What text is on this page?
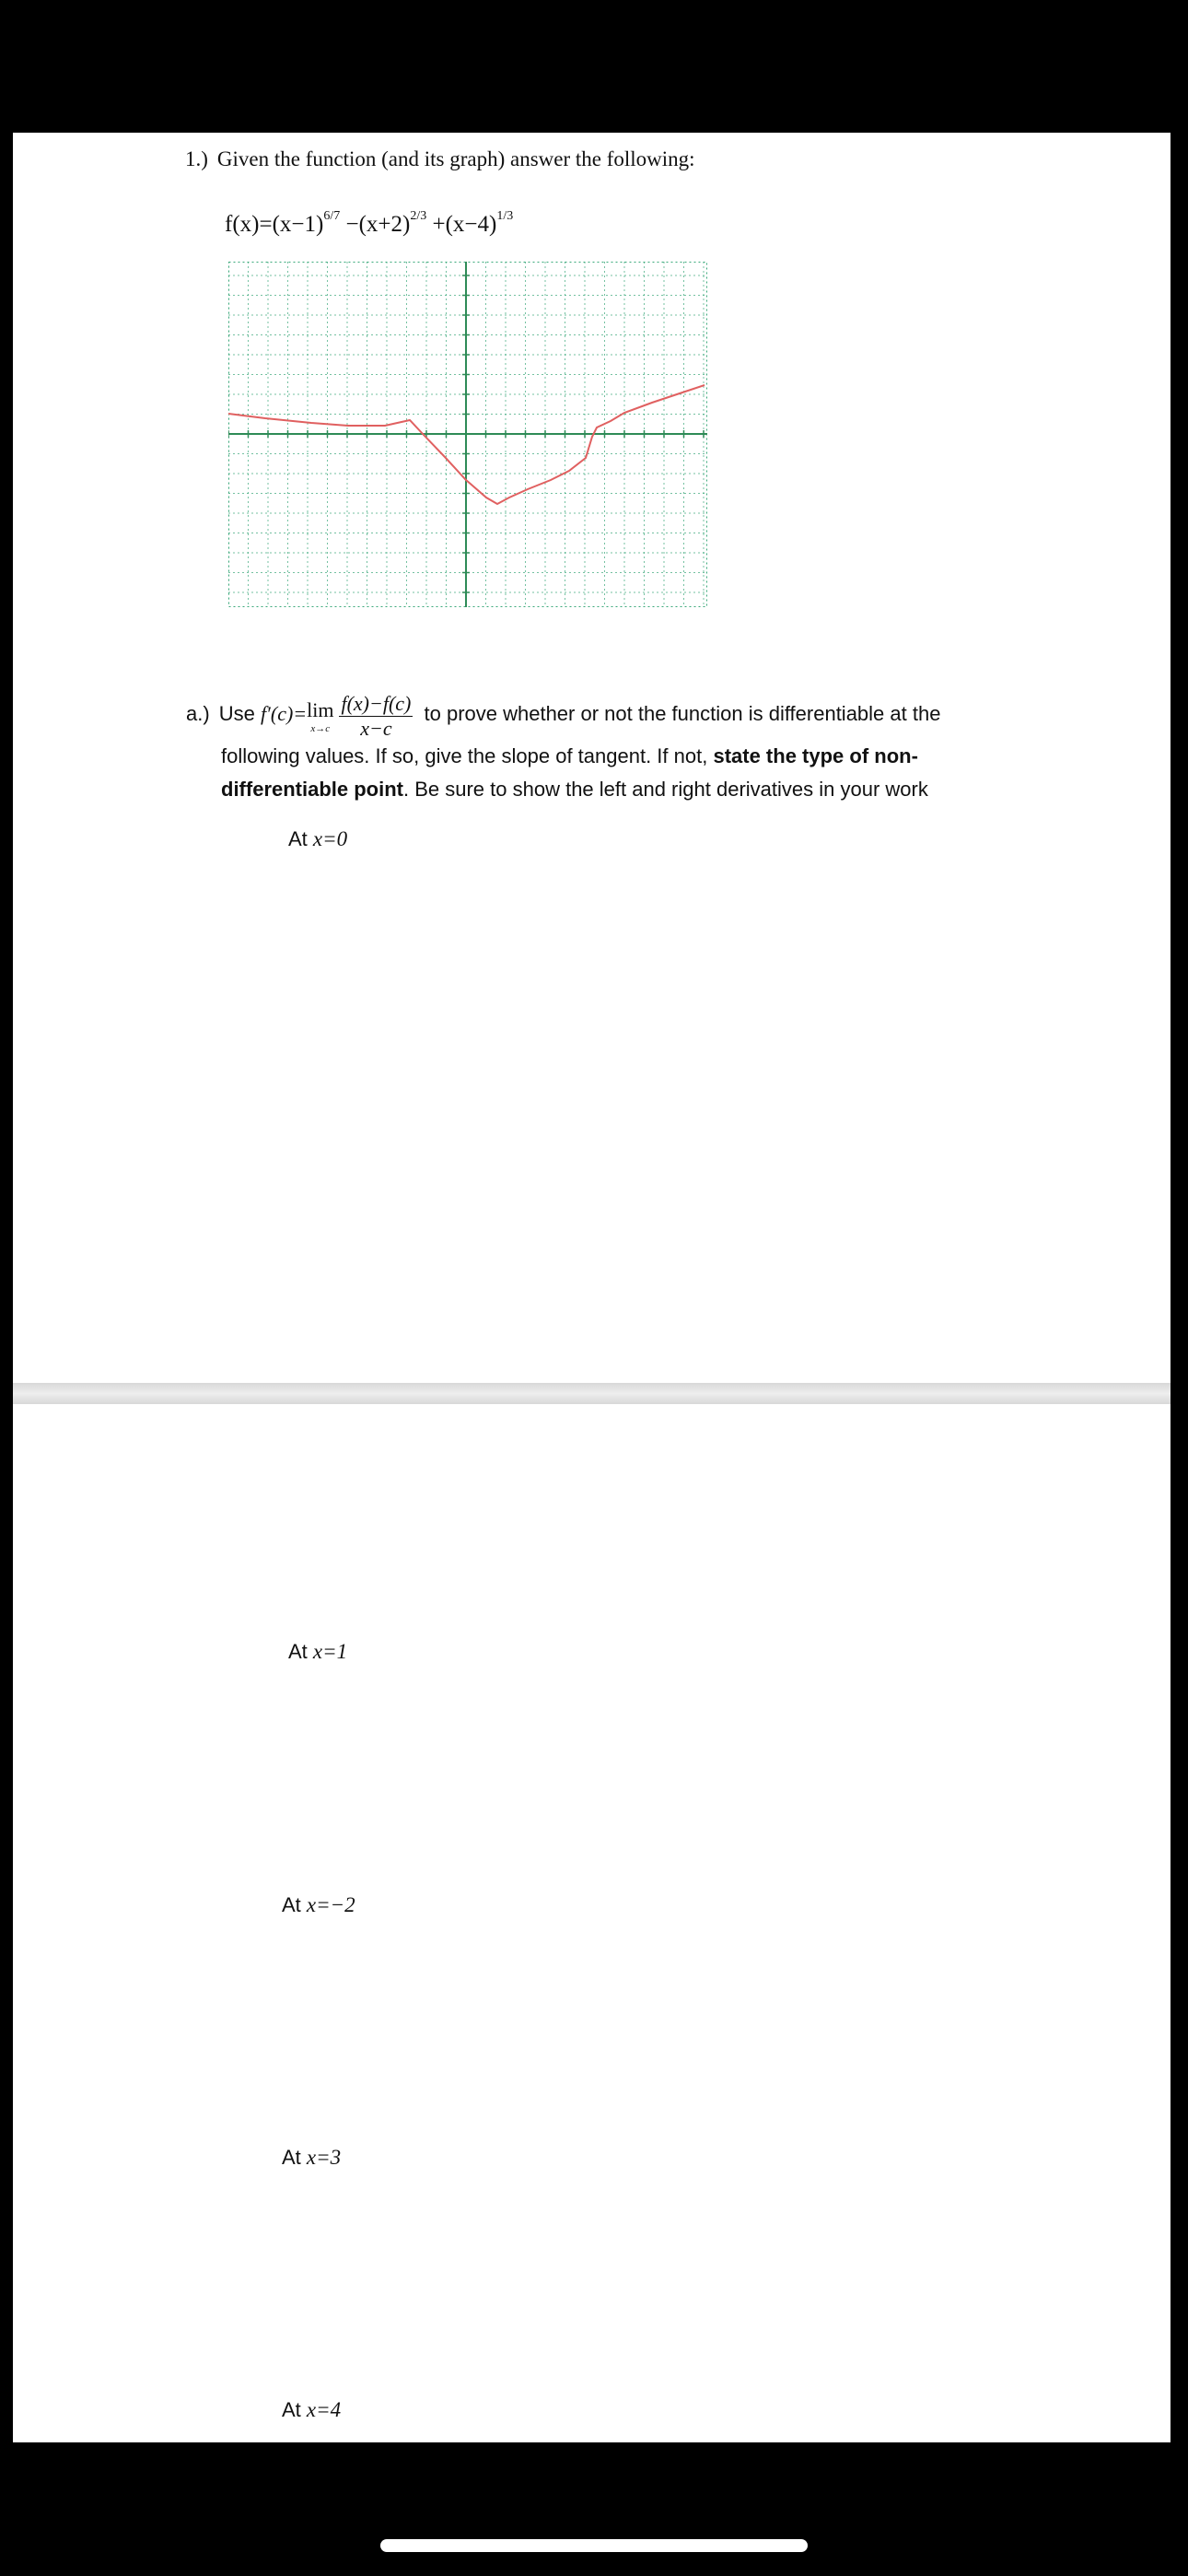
1.) Given the function (and its graph) answer the following:
$f(x)=(x-1)^{6/7} -(x+2)^{2/3} +(x-4)^{1/3}$
a.) Use f′(c)=lim
$x\to c \frac{f(x)-f(c)}{x-c}$ to prove whether or not the function is differentiable at the
following values. If so, give the slope of tangent. If not, state the type of non-
differentiable point. Be sure to show the left and right derivatives in your work
At x=0
At x=1
At x=−2
At x=3
At x=4
